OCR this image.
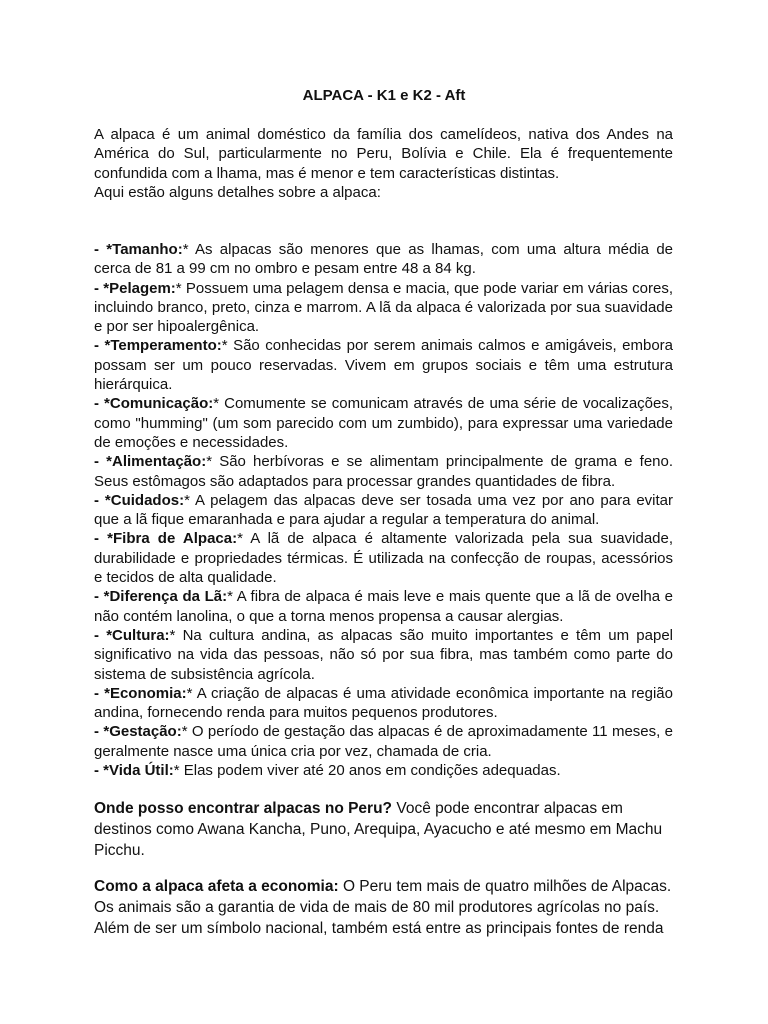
ALPACA - K1 e K2 - Aft

A alpaca é um animal doméstico da família dos camelídeos, nativa dos Andes na América do Sul, particularmente no Peru, Bolívia e Chile. Ela é frequentemente confundida com a lhama, mas é menor e tem características distintas.

Aqui estão alguns detalhes sobre a alpaca:

- *Tamanho:* As alpacas são menores que as lhamas, com uma altura média de cerca de 81 a 99 cm no ombro e pesam entre 48 a 84 kg.

- *Pelagem:* Possuem uma pelagem densa e macia, que pode variar em várias cores, incluindo branco, preto, cinza e marrom. A lã da alpaca é valorizada por sua suavidade e por ser hipoalergênica.

- *Temperamento:* São conhecidas por serem animais calmos e amigáveis, embora possam ser um pouco reservadas. Vivem em grupos sociais e têm uma estrutura hierárquica.

- *Comunicação:* Comumente se comunicam através de uma série de vocalizações, como "humming" (um som parecido com um zumbido), para expressar uma variedade de emoções e necessidades.

- *Alimentação:* São herbívoras e se alimentam principalmente de grama e feno. Seus estômagos são adaptados para processar grandes quantidades de fibra.

- *Cuidados:* A pelagem das alpacas deve ser tosada uma vez por ano para evitar que a lã fique emaranhada e para ajudar a regular a temperatura do animal.

- *Fibra de Alpaca:* A lã de alpaca é altamente valorizada pela sua suavidade, durabilidade e propriedades térmicas. É utilizada na confecção de roupas, acessórios e tecidos de alta qualidade.

- *Diferença da Lã:* A fibra de alpaca é mais leve e mais quente que a lã de ovelha e não contém lanolina, o que a torna menos propensa a causar alergias.

- *Cultura:* Na cultura andina, as alpacas são muito importantes e têm um papel significativo na vida das pessoas, não só por sua fibra, mas também como parte do sistema de subsistência agrícola.

- *Economia:* A criação de alpacas é uma atividade econômica importante na região andina, fornecendo renda para muitos pequenos produtores.

- *Gestação:* O período de gestação das alpacas é de aproximadamente 11 meses, e geralmente nasce uma única cria por vez, chamada de cria.

- *Vida Útil:* Elas podem viver até 20 anos em condições adequadas.

Onde posso encontrar alpacas no Peru? Você pode encontrar alpacas em destinos como Awana Kancha, Puno, Arequipa, Ayacucho e até mesmo em Machu Picchu.

Como a alpaca afeta a economia: O Peru tem mais de quatro milhões de Alpacas. Os animais são a garantia de vida de mais de 80 mil produtores agrícolas no país. Além de ser um símbolo nacional, também está entre as principais fontes de renda
